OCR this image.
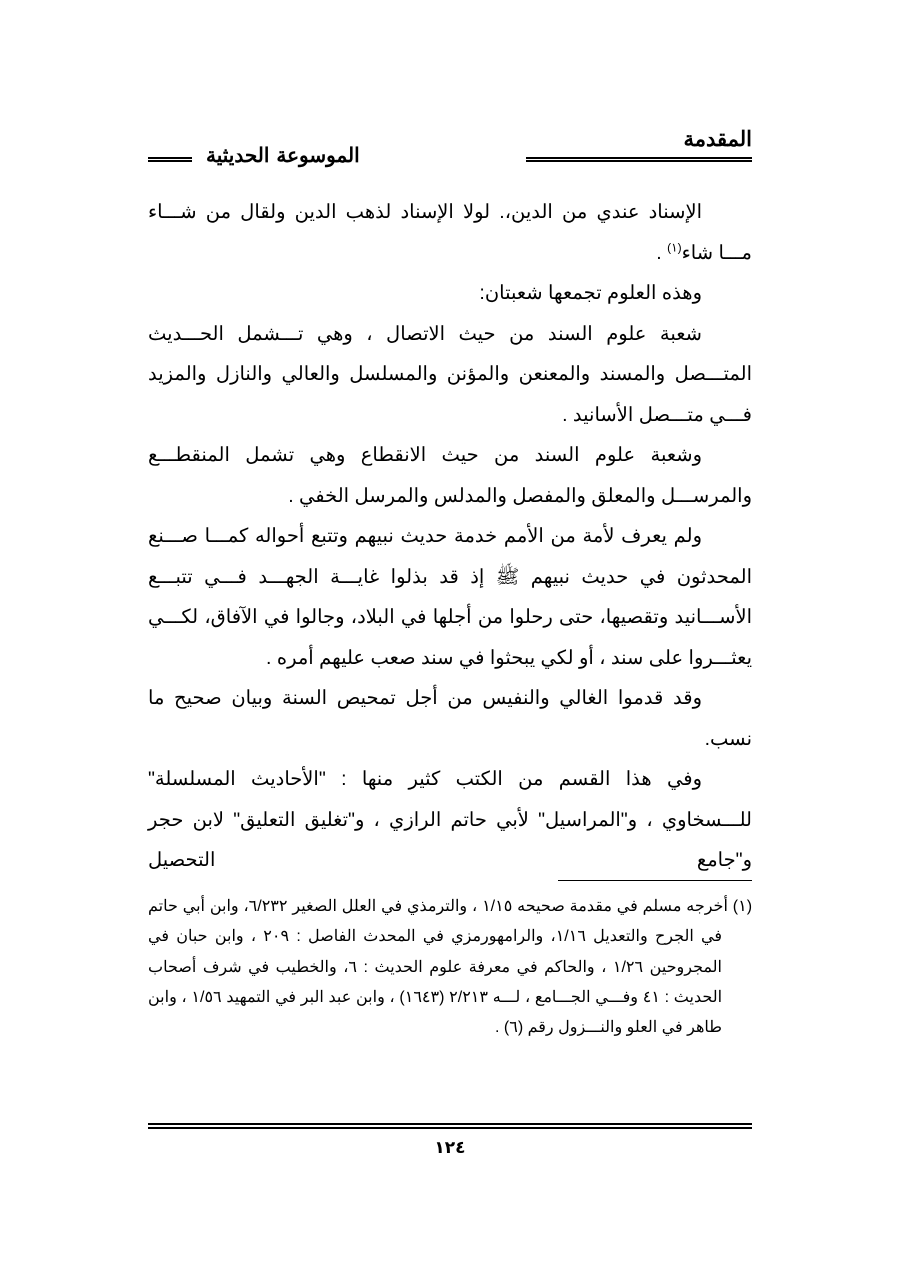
المقدمة
الموسوعة الحديثية

الإسناد عندي من الدين،. لولا الإسناد لذهب الدين ولقال من شـــاء مـــا شاء$^{(١)}$ .

وهذه العلوم تجمعها شعبتان:

شعبة علوم السند من حيث الاتصال ، وهي تـــشمل الحـــديث المتـــصل والمسند والمعنعن والمؤنن والمسلسل والعالي والنازل والمزيد فـــي متـــصل الأسانيد .

وشعبة علوم السند من حيث الانقطاع وهي تشمل المنقطـــع والمرســـل والمعلق والمفصل والمدلس والمرسل الخفي .

ولم يعرف لأمة من الأمم خدمة حديث نبيهم وتتبع أحواله كمـــا صـــنع المحدثون في حديث نبيهم ﷺ إذ قد بذلوا غايـــة الجهـــد فـــي تتبـــع الأســـانيد وتقصيها، حتى رحلوا من أجلها في البلاد، وجالوا في الآفاق، لكـــي يعثـــروا على سند ، أو لكي يبحثوا في سند صعب عليهم أمره .

وقد قدموا الغالي والنفيس من أجل تمحيص السنة وبيان صحيح ما نسب.

وفي هذا القسم من الكتب كثير منها : "الأحاديث المسلسلة" للـــسخاوي ، و"المراسيل" لأبي حاتم الرازي ، و"تغليق التعليق" لابن حجر و"جامع التحصيل

(١) أخرجه مسلم في مقدمة صحيحه ١/١٥ ، والترمذي في العلل الصغير ٦/٢٣٢، وابن أبي حاتم في الجرح والتعديل ١/١٦، والرامهورمزي في المحدث الفاصل : ٢٠٩ ، وابن حبان في المجروحين ١/٢٦ ، والحاكم في معرفة علوم الحديث : ٦، والخطيب في شرف أصحاب الحديث : ٤١ وفـــي الجـــامع ، لـــه ٢/٢١٣ (١٦٤٣) ، وابن عبد البر في التمهيد ١/٥٦ ، وابن طاهر في العلو والنـــزول رقم (٦) .

١٢٤
